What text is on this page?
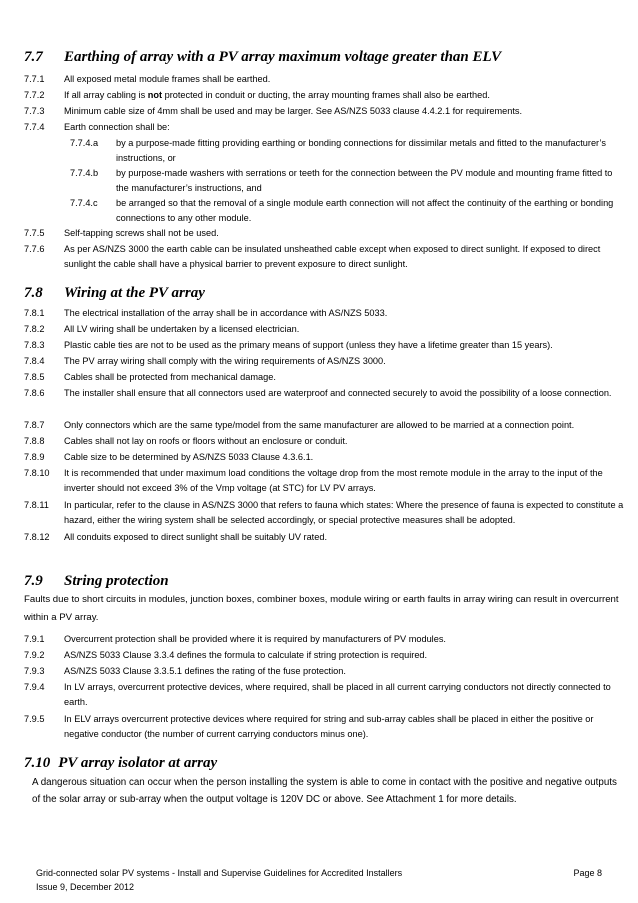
7.7 Earthing of array with a PV array maximum voltage greater than ELV
7.7.1	All exposed metal module frames shall be earthed.
7.7.2	If all array cabling is not protected in conduit or ducting, the array mounting frames shall also be earthed.
7.7.3	Minimum cable size of 4mm shall be used and may be larger. See AS/NZS 5033 clause 4.4.2.1 for requirements.
7.7.4	Earth connection shall be:
7.7.4.a	by a purpose-made fitting providing earthing or bonding connections for dissimilar metals and fitted to the manufacturer’s instructions, or
7.7.4.b	by purpose-made washers with serrations or teeth for the connection between the PV module and mounting frame fitted to the manufacturer’s instructions, and
7.7.4.c	be arranged so that the removal of a single module earth connection will not affect the continuity of the earthing or bonding connections to any other module.
7.7.5	Self-tapping screws shall not be used.
7.7.6	As per AS/NZS 3000 the earth cable can be insulated unsheathed cable except when exposed to direct sunlight. If exposed to direct sunlight the cable shall have a physical barrier to prevent exposure to direct sunlight.
7.8 Wiring at the PV array
7.8.1	The electrical installation of the array shall be in accordance with AS/NZS 5033.
7.8.2	All LV wiring shall be undertaken by a licensed electrician.
7.8.3	Plastic cable ties are not to be used as the primary means of support (unless they have a lifetime greater than 15 years).
7.8.4	The PV array wiring shall comply with the wiring requirements of AS/NZS 3000.
7.8.5	Cables shall be protected from mechanical damage.
7.8.6	The installer shall ensure that all connectors used are waterproof and connected securely to avoid the possibility of a loose connection.
7.8.7	Only connectors which are the same type/model from the same manufacturer are allowed to be married at a connection point.
7.8.8	Cables shall not lay on roofs or floors without an enclosure or conduit.
7.8.9	Cable size to be determined by AS/NZS 5033 Clause 4.3.6.1.
7.8.10	It is recommended that under maximum load conditions the voltage drop from the most remote module in the array to the input of the inverter should not exceed 3% of the Vmp voltage (at STC) for LV PV arrays.
7.8.11	In particular, refer to the clause in AS/NZS 3000 that refers to fauna which states: Where the presence of fauna is expected to constitute a hazard, either the wiring system shall be selected accordingly, or special protective measures shall be adopted.
7.8.12	All conduits exposed to direct sunlight shall be suitably UV rated.
7.9 String protection
Faults due to short circuits in modules, junction boxes, combiner boxes, module wiring or earth faults in array wiring can result in overcurrent within a PV array.
7.9.1	Overcurrent protection shall be provided where it is required by manufacturers of PV modules.
7.9.2	AS/NZS 5033 Clause 3.3.4 defines the formula to calculate if string protection is required.
7.9.3	AS/NZS 5033 Clause 3.3.5.1 defines the rating of the fuse protection.
7.9.4	In LV arrays, overcurrent protective devices, where required, shall be placed in all current carrying conductors not directly connected to earth.
7.9.5	In ELV arrays overcurrent protective devices where required for string and sub-array cables shall be placed in either the positive or negative conductor (the number of current carrying conductors minus one).
7.10 PV array isolator at array
A dangerous situation can occur when the person installing the system is able to come in contact with the positive and negative outputs of the solar array or sub-array when the output voltage is 120V DC or above. See Attachment 1 for more details.
Grid-connected solar PV systems - Install and Supervise Guidelines for Accredited Installers
Issue 9, December 2012
Page 8
